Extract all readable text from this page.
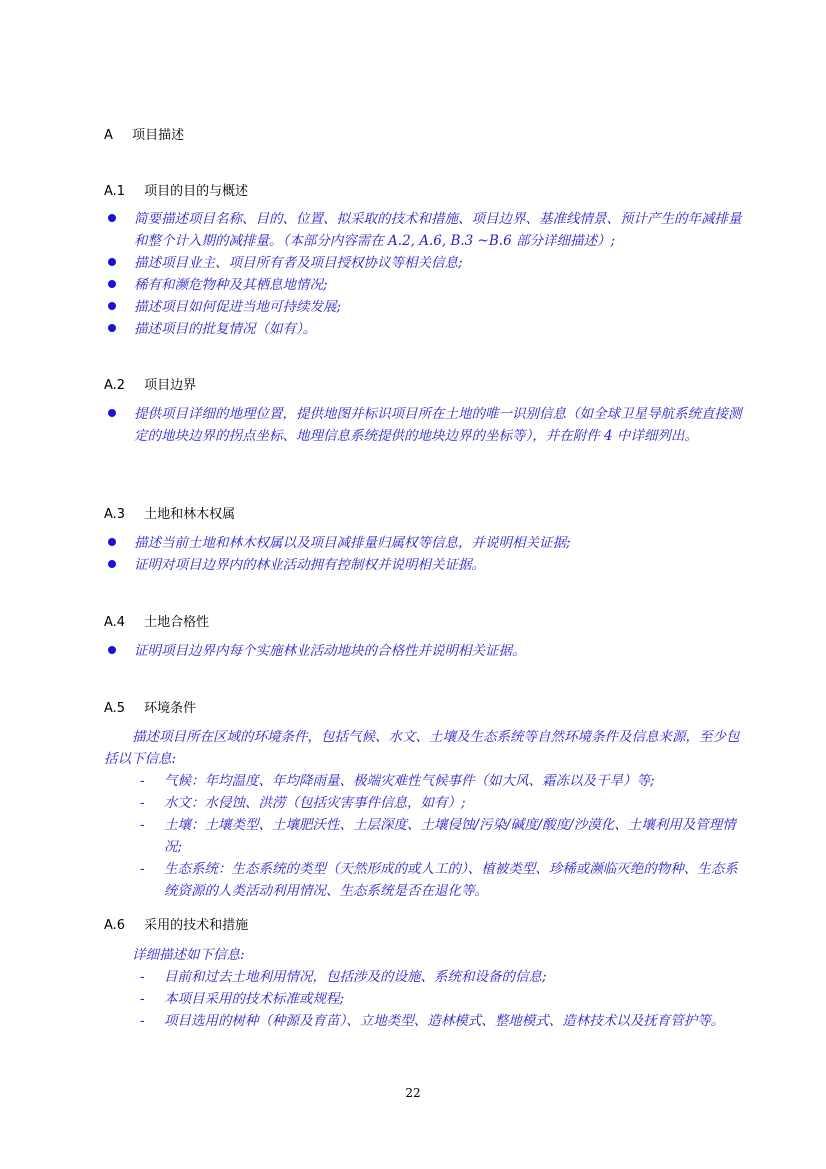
A 项目描述
A.1 项目的目的与概述
简要描述项目名称、目的、位置、拟采取的技术和措施、项目边界、基准线情景、预计产生的年减排量和整个计入期的减排量。（本部分内容需在 A.2, A.6, B.3 ~B.6 部分详细描述）;
描述项目业主、项目所有者及项目授权协议等相关信息;
稀有和濒危物种及其栖息地情况;
描述项目如何促进当地可持续发展;
描述项目的批复情况（如有）。
A.2 项目边界
提供项目详细的地理位置，提供地图并标识项目所在土地的唯一识别信息（如全球卫星导航系统直接测定的地块边界的拐点坐标、地理信息系统提供的地块边界的坐标等），并在附件 4 中详细列出。
A.3 土地和林木权属
描述当前土地和林木权属以及项目减排量归属权等信息，并说明相关证据;
证明对项目边界内的林业活动拥有控制权并说明相关证据。
A.4 土地合格性
证明项目边界内每个实施林业活动地块的合格性并说明相关证据。
A.5 环境条件
描述项目所在区域的环境条件，包括气候、水文、土壤及生态系统等自然环境条件及信息来源，至少包括以下信息:
- 气候：年均温度、年均降雨量、极端灾难性气候事件（如大风、霜冻以及干旱）等;
- 水文：水侵蚀、洪涝（包括灾害事件信息，如有）;
- 土壤：土壤类型、土壤肥沃性、土层深度、土壤侵蚀/污染/碱度/酸度/沙漠化、土壤利用及管理情况;
- 生态系统：生态系统的类型（天然形成的或人工的）、植被类型、珍稀或濒临灭绝的物种、生态系统资源的人类活动利用情况、生态系统是否在退化等。
A.6 采用的技术和措施
详细描述如下信息:
- 目前和过去土地利用情况，包括涉及的设施、系统和设备的信息;
- 本项目采用的技术标准或规程;
- 项目选用的树种（种源及育苗）、立地类型、造林模式、整地模式、造林技术以及抚育管护等。
22
